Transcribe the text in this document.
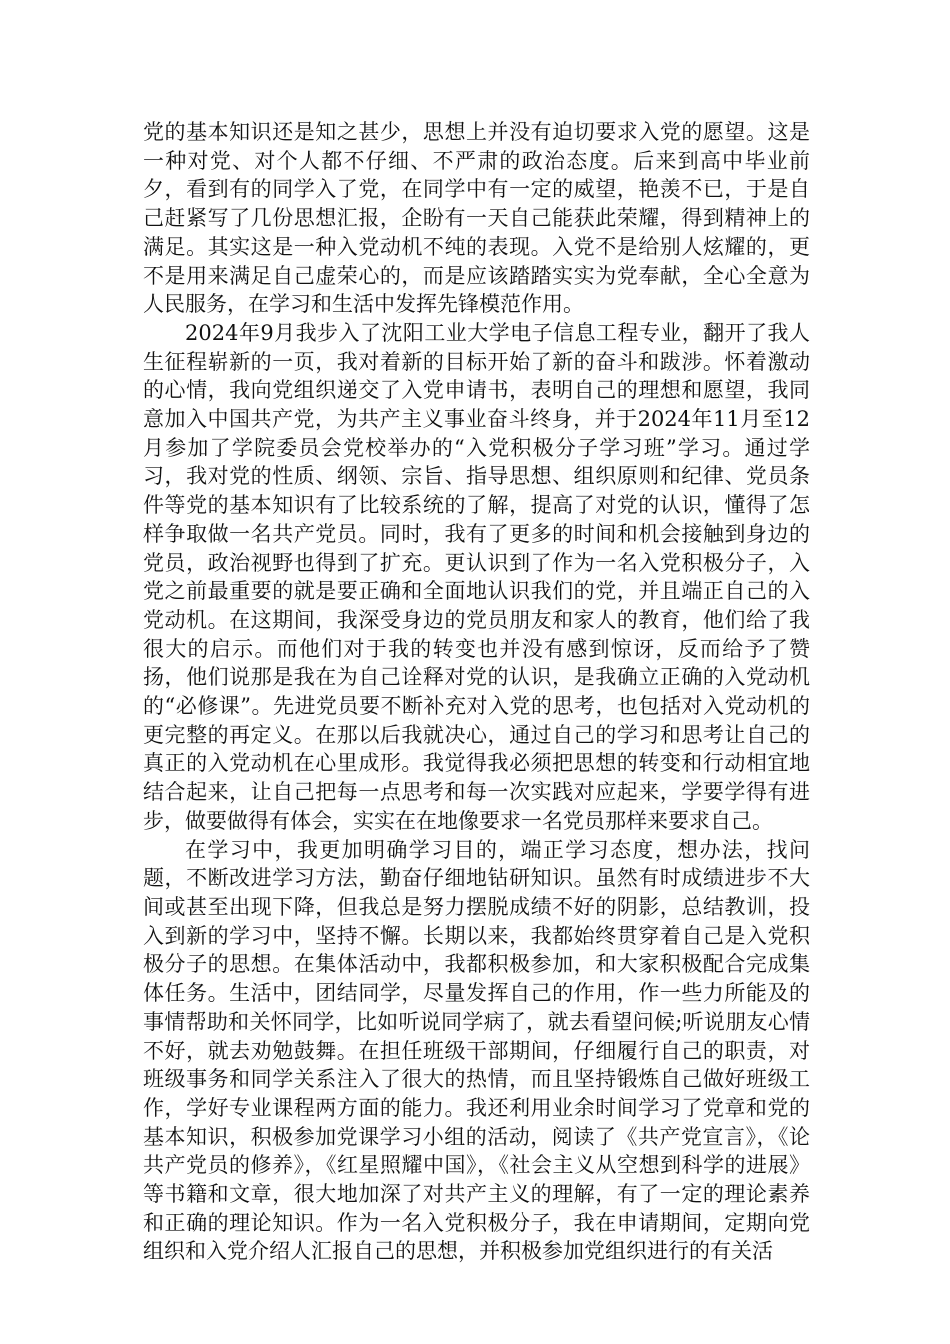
党的基本知识还是知之甚少，思想上并没有迫切要求入党的愿望。这是一种对党、对个人都不仔细、不严肃的政治态度。后来到高中毕业前夕，看到有的同学入了党，在同学中有一定的威望，艳羡不已，于是自己赶紧写了几份思想汇报，企盼有一天自己能获此荣耀，得到精神上的满足。其实这是一种入党动机不纯的表现。入党不是给别人炫耀的，更不是用来满足自己虚荣心的，而是应该踏踏实实为党奉献，全心全意为人民服务，在学习和生活中发挥先锋模范作用。

2024年9月我步入了沈阳工业大学电子信息工程专业，翻开了我人生征程崭新的一页，我对着新的目标开始了新的奋斗和跋涉。怀着激动的心情，我向党组织递交了入党申请书，表明自己的理想和愿望，我同意加入中国共产党，为共产主义事业奋斗终身，并于2024年11月至12月参加了学院委员会党校举办的“入党积极分子学习班”学习。通过学习，我对党的性质、纲领、宗旨、指导思想、组织原则和纪律、党员条件等党的基本知识有了比较系统的了解，提高了对党的认识，懂得了怎样争取做一名共产党员。同时，我有了更多的时间和机会接触到身边的党员，政治视野也得到了扩充。更认识到了作为一名入党积极分子，入党之前最重要的就是要正确和全面地认识我们的党，并且端正自己的入党动机。在这期间，我深受身边的党员朋友和家人的教育，他们给了我很大的启示。而他们对于我的转变也并没有感到惊讶，反而给予了赞扬，他们说那是我在为自己诠释对党的认识，是我确立正确的入党动机的“必修课”。先进党员要不断补充对入党的思考，也包括对入党动机的更完整的再定义。在那以后我就决心，通过自己的学习和思考让自己的真正的入党动机在心里成形。我觉得我必须把思想的转变和行动相宜地结合起来，让自己把每一点思考和每一次实践对应起来，学要学得有进步，做要做得有体会，实实在在地像要求一名党员那样来要求自己。

在学习中，我更加明确学习目的，端正学习态度，想办法，找问题，不断改进学习方法，勤奋仔细地钻研知识。虽然有时成绩进步不大间或甚至出现下降，但我总是努力摆脱成绩不好的阴影，总结教训，投入到新的学习中，坚持不懈。长期以来，我都始终贯穿着自己是入党积极分子的思想。在集体活动中，我都积极参加，和大家积极配合完成集体任务。生活中，团结同学，尽量发挥自己的作用，作一些力所能及的事情帮助和关怀同学，比如听说同学病了，就去看望问候;听说朋友心情不好，就去劝勉鼓舞。在担任班级干部期间，仔细履行自己的职责，对班级事务和同学关系注入了很大的热情，而且坚持锻炼自己做好班级工作，学好专业课程两方面的能力。我还利用业余时间学习了党章和党的基本知识，积极参加党课学习小组的活动，阅读了《共产党宣言》，《论共产党员的修养》，《红星照耀中国》，《社会主义从空想到科学的进展》等书籍和文章，很大地加深了对共产主义的理解，有了一定的理论素养和正确的理论知识。作为一名入党积极分子，我在申请期间，定期向党组织和入党介绍人汇报自己的思想，并积极参加党组织进行的有关活
